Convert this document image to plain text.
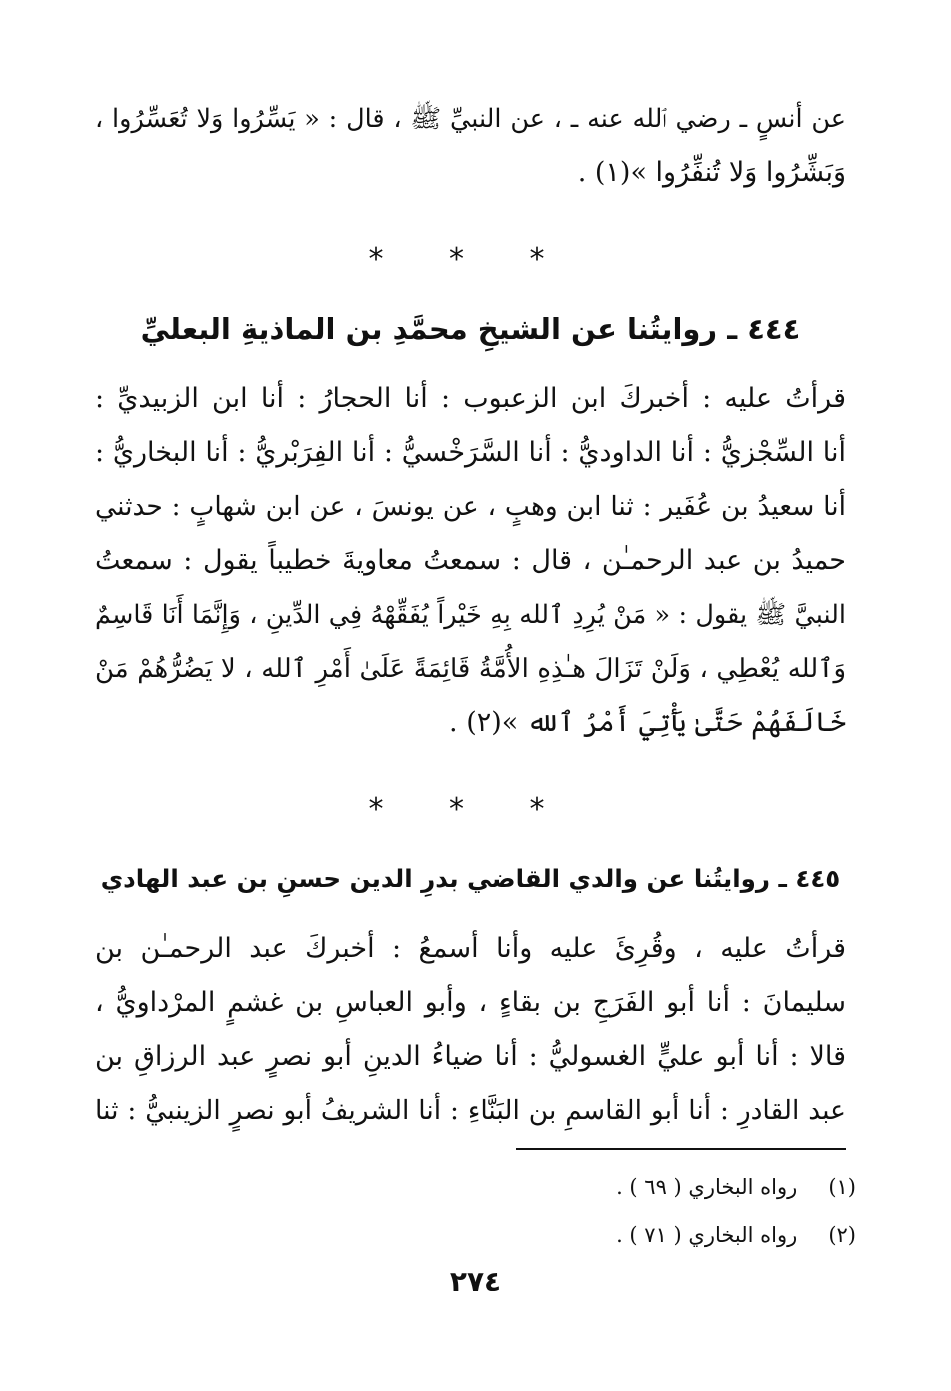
عن أنسٍ ـ رضي ٱلله عنه ـ ، عن النبيِّ ﷺ ، قال : « يَسِّرُوا وَلا تُعَسِّرُوا ،
وَبَشِّرُوا وَلا تُنفِّرُوا »(١) .
* * *
٤٤٤ ـ روايتُنا عن الشيخِ محمَّدِ بن الماذيةِ البعليِّ
قرأتُ عليه : أخبركَ ابن الزعبوب : أنا الحجارُ : أنا ابن الزبيديِّ :
أنا السِّجْزيُّ : أنا الداوديُّ : أنا السَّرَخْسيُّ : أنا الفِرَبْريُّ : أنا البخاريُّ :
أنا سعيدُ بن عُفَير : ثنا ابن وهبٍ ، عن يونسَ ، عن ابن شهابٍ : حدثني
حميدُ بن عبد الرحمـٰن ، قال : سمعتُ معاويةَ خطيباً يقول : سمعتُ
النبيَّ ﷺ يقول : « مَنْ يُرِدِ ٱلله بِهِ خَيْراً يُفَقِّهْهُ فِي الدِّينِ ، وَإِنَّمَا أَنَا قَاسِمٌ
وَٱلله يُعْطِي ، وَلَنْ تَزَالَ هـٰذِهِ الأُمَّةُ قَائِمَةً عَلَىٰ أَمْرِ ٱلله ، لا يَضُرُّهُمْ مَنْ
خَالَفَهُمْ حَتَّىٰ يَأْتِيَ أَمْرُ ٱلله »(٢) .
* * *
٤٤٥ ـ روايتُنا عن والدي القاضي بدرِ الدين حسنِ بن عبد الهادي
قرأتُ عليه ، وقُرِئَ عليه وأنا أسمعُ : أخبركَ عبد الرحمـٰن بن
سليمانَ : أنا أبو الفَرَجِ بن بقاءٍ ، وأبو العباسِ بن غشمٍ المرْداويُّ ،
قالا : أنا أبو عليٍّ الغسوليُّ : أنا ضياءُ الدينِ أبو نصرٍ عبد الرزاقِ بن
عبد القادرِ : أنا أبو القاسمِ بن البَنَّاءِ : أنا الشريفُ أبو نصرٍ الزينبيُّ : ثنا
(١) رواه البخاري ( ٦٩ ) .
(٢) رواه البخاري ( ٧١ ) .
٢٧٤
